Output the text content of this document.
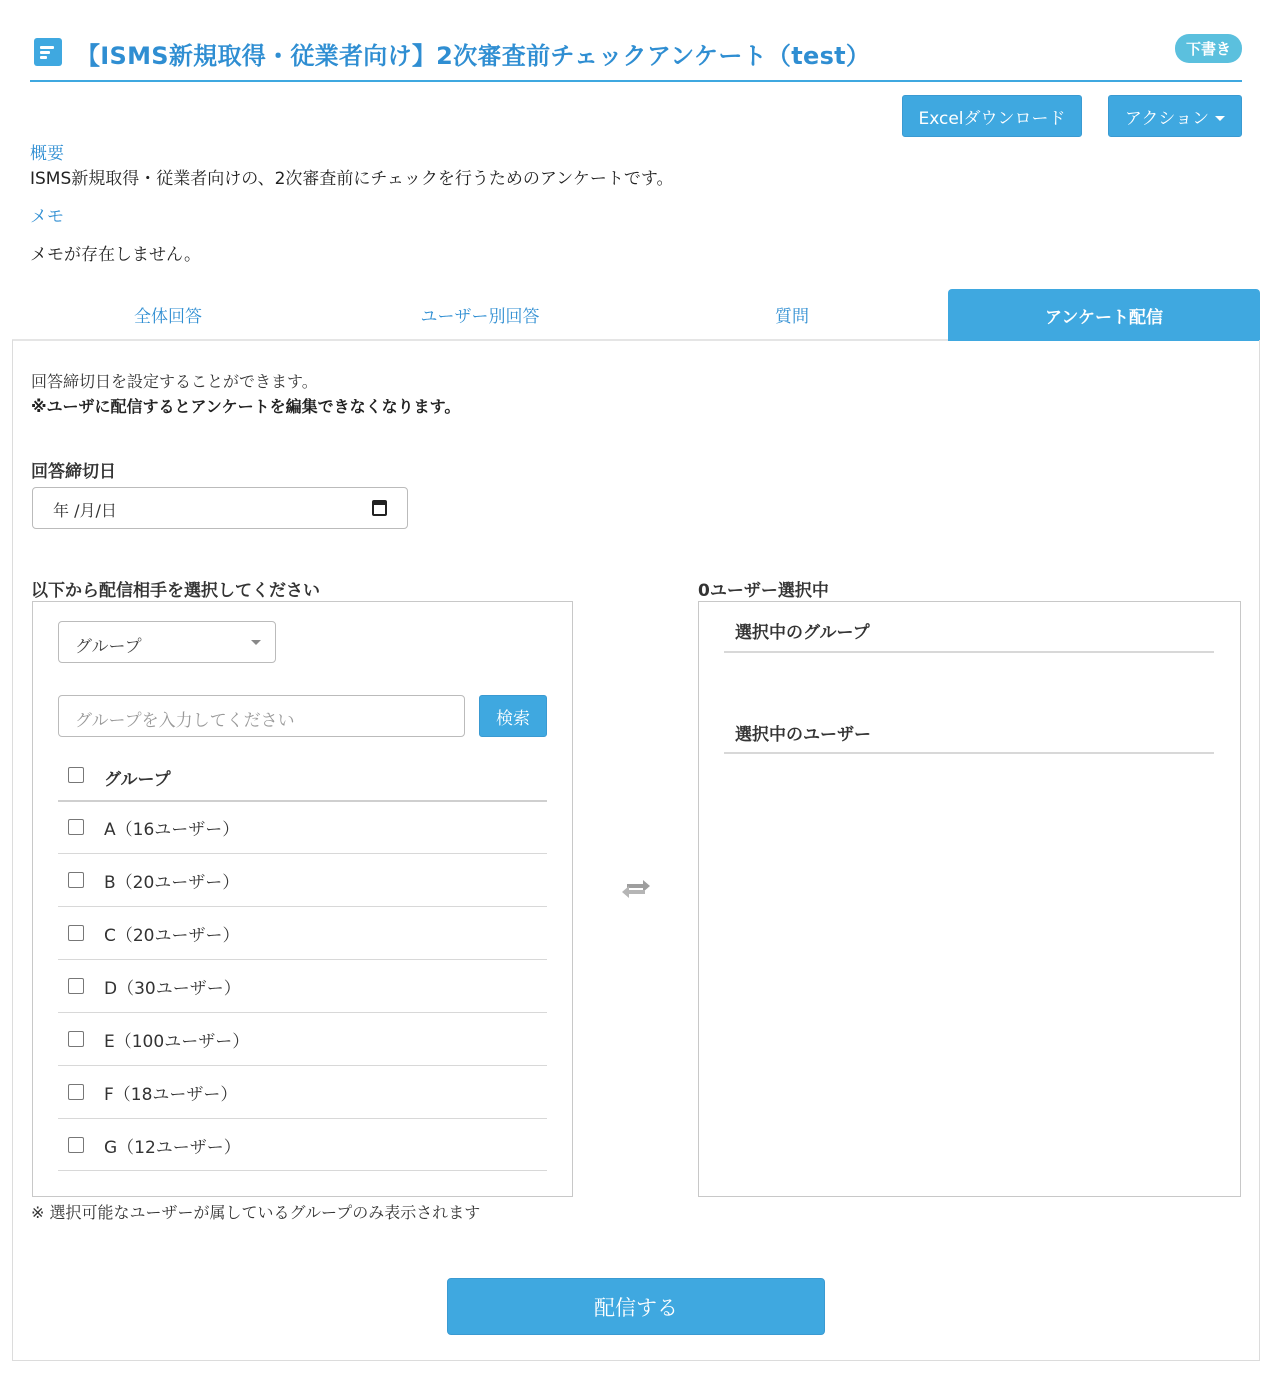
【ISMS新規取得・従業者向け】2次審査前チェックアンケート（test）	下書き
Excelダウンロード	アクション
概要
ISMS新規取得・従業者向けの、2次審査前にチェックを行うためのアンケートです。
メモ
メモが存在しません。
全体回答	ユーザー別回答	質問	アンケート配信
回答締切日を設定することができます。
※ユーザに配信するとアンケートを編集できなくなります。
回答締切日
年 /月/日
以下から配信相手を選択してください	0ユーザー選択中
グループ
グループを入力してください	検索
グループ
A（16ユーザー）
B（20ユーザー）
C（20ユーザー）
D（30ユーザー）
E（100ユーザー）
F（18ユーザー）
G（12ユーザー）
選択中のグループ
選択中のユーザー
※ 選択可能なユーザーが属しているグループのみ表示されます
配信する
